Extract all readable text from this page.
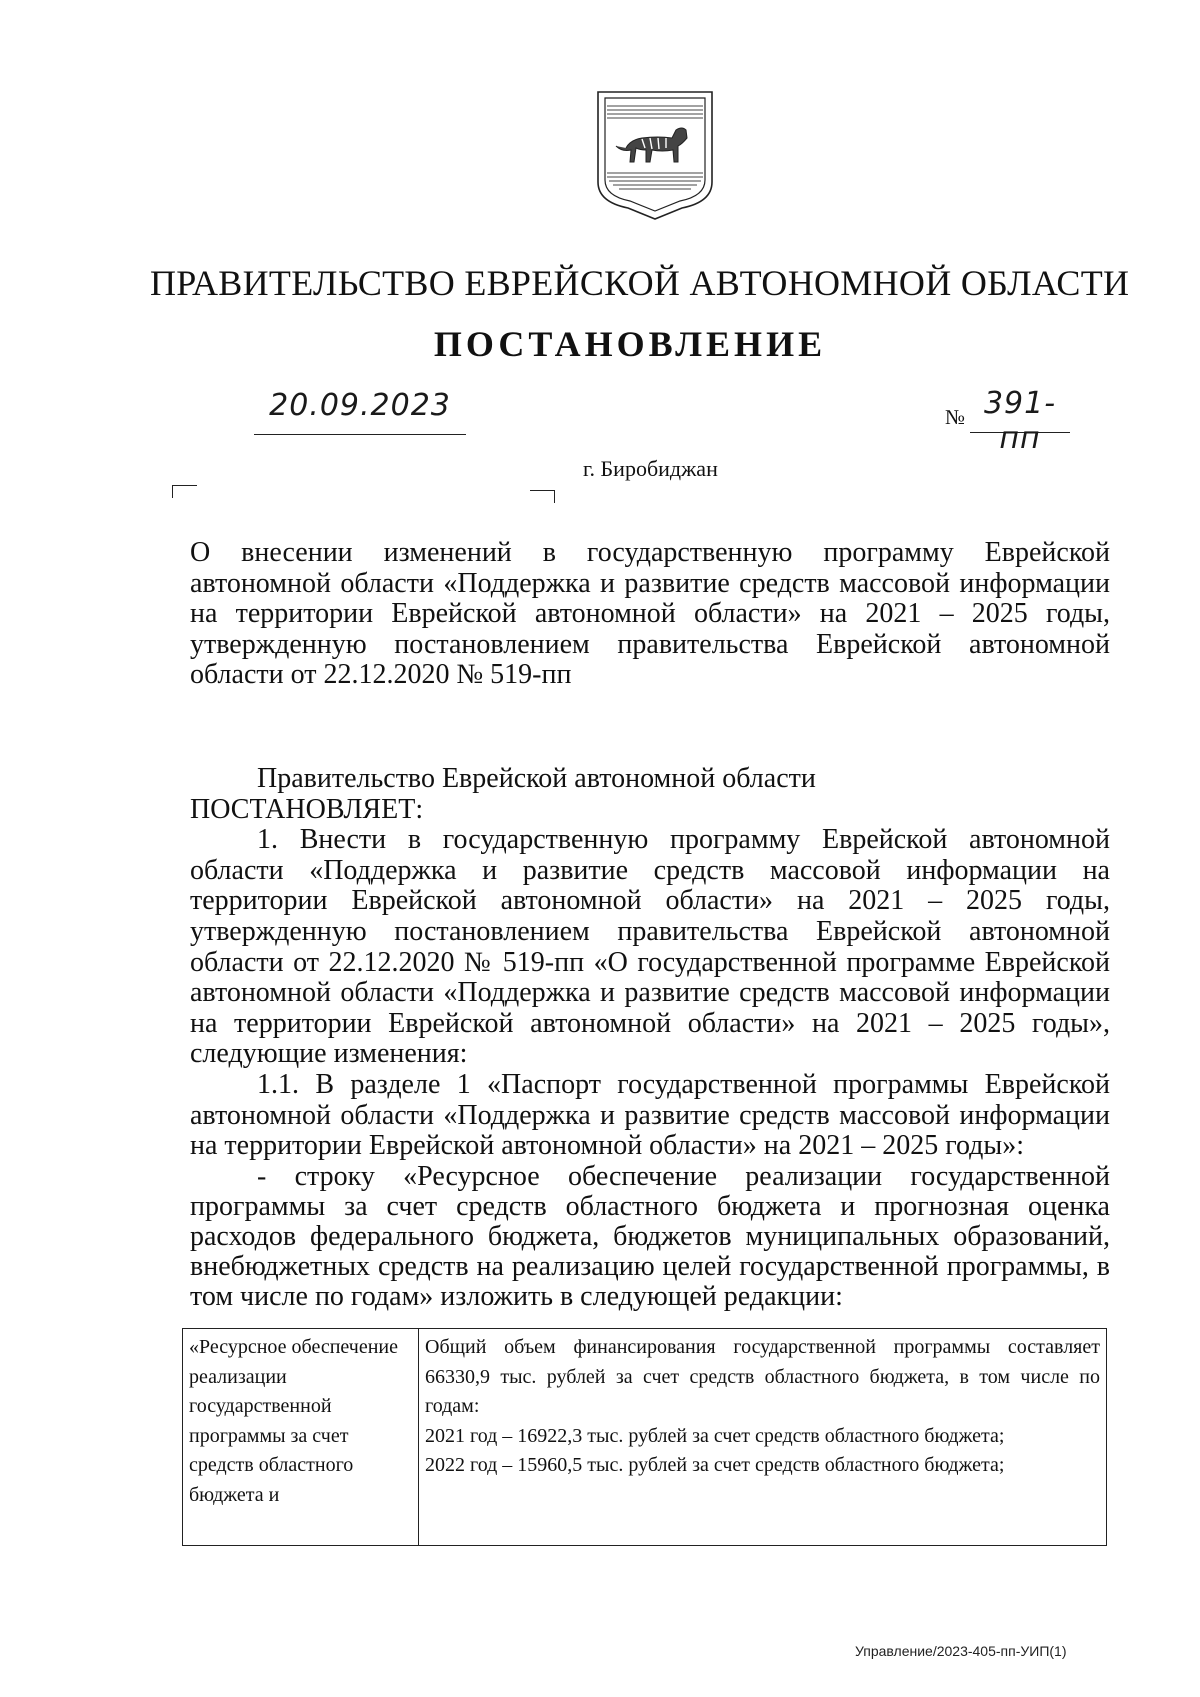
ПРАВИТЕЛЬСТВО ЕВРЕЙСКОЙ АВТОНОМНОЙ ОБЛАСТИ
ПОСТАНОВЛЕНИЕ
20.09.2023	№ 391-пп
г. Биробиджан
О внесении изменений в государственную программу Еврейской автономной области «Поддержка и развитие средств массовой информации на территории Еврейской автономной области» на 2021 – 2025 годы, утвержденную постановлением правительства Еврейской автономной области от 22.12.2020 № 519-пп

Правительство Еврейской автономной области

ПОСТАНОВЛЯЕТ:

1. Внести в государственную программу Еврейской автономной области «Поддержка и развитие средств массовой информации на территории Еврейской автономной области» на 2021 – 2025 годы, утвержденную постановлением правительства Еврейской автономной области от 22.12.2020 № 519-пп «О государственной программе Еврейской автономной области «Поддержка и развитие средств массовой информации на территории Еврейской автономной области» на 2021 – 2025 годы», следующие изменения:

1.1. В разделе 1 «Паспорт государственной программы Еврейской автономной области «Поддержка и развитие средств массовой информации на территории Еврейской автономной области» на 2021 – 2025 годы»:

- строку «Ресурсное обеспечение реализации государственной программы за счет средств областного бюджета и прогнозная оценка расходов федерального бюджета, бюджетов муниципальных образований, внебюджетных средств на реализацию целей государственной программы, в том числе по годам» изложить в следующей редакции:

«Ресурсное обеспечение реализации государственной программы за счет средств областного бюджета и

Общий объем финансирования государственной программы составляет 66330,9 тыс. рублей за счет средств областного бюджета, в том числе по годам:

2021 год – 16922,3 тыс. рублей за счет средств областного бюджета;

2022 год – 15960,5 тыс. рублей за счет средств областного бюджета;

Управление/2023-405-пп-УИП(1)
